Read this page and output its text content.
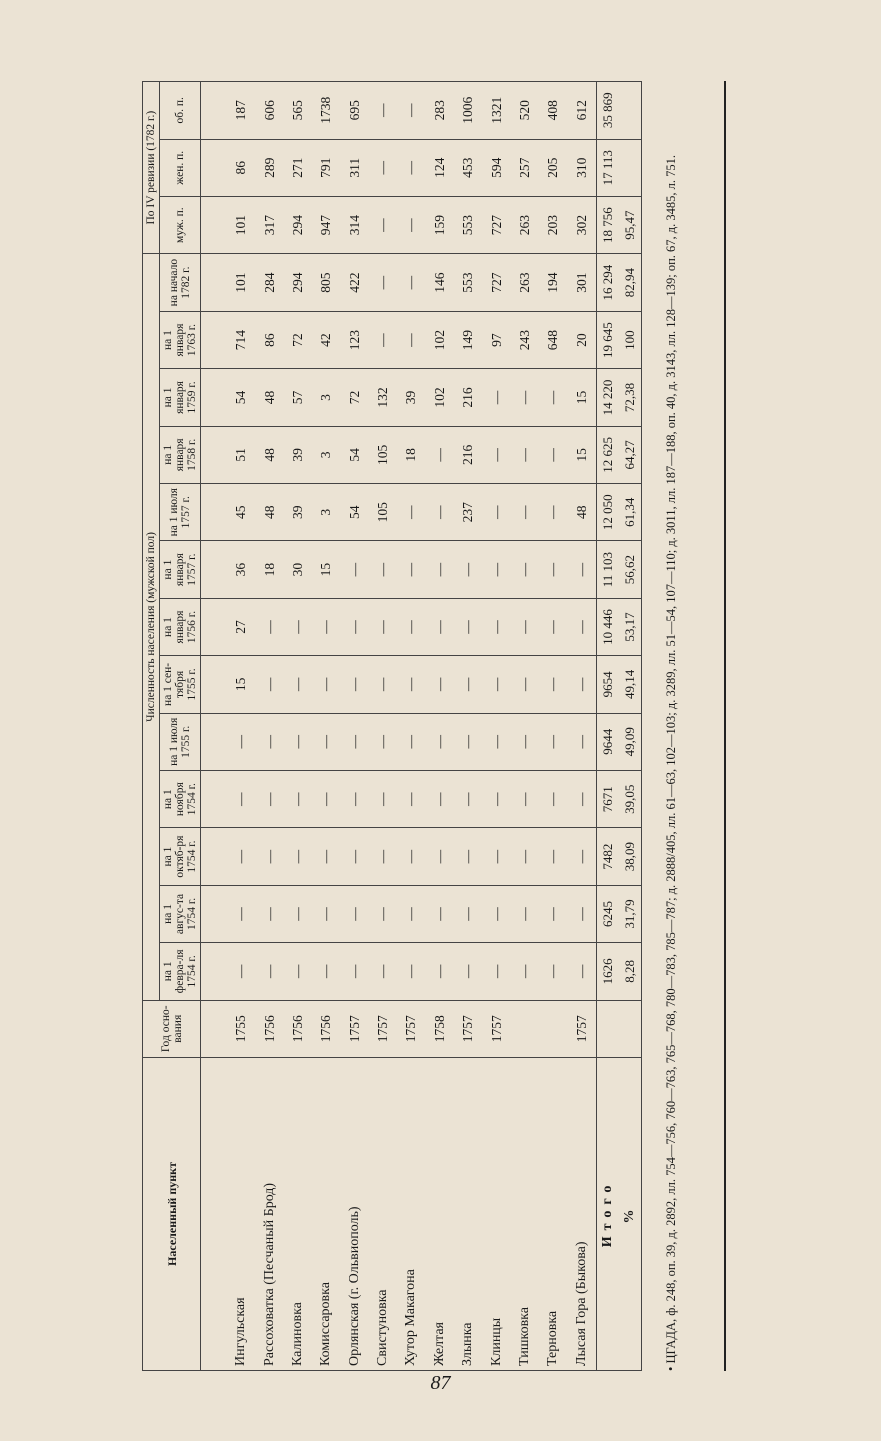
Населенный пункт	Год осно-вания	Численность населения (мужской пол)													По IV ревизии (1782 г.)		
		на 1 февра-ля 1754 г.	на 1 авгус-та 1754 г.	на 1 октяб-ря 1754 г.	на 1 ноября 1754 г.	на 1 июля 1755 г.	на 1 сен-тября 1755 г.	на 1 января 1756 г.	на 1 января 1757 г.	на 1 июля 1757 г.	на 1 января 1758 г.	на 1 января 1759 г.	на 1 января 1763 г.	на начало 1782 г.	муж. п.	жен. п.	об. п.

Ингульская	1755	—	—	—	—	—	15	27	36	45	51	54	714	101	101	86	187
Рассоховатка (Песчаный Брод)	1756	—	—	—	—	—	—	—	18	48	48	48	86	284	317	289	606
Калиновка	1756	—	—	—	—	—	—	—	30	39	39	57	72	294	294	271	565
Комиссаровка	1756	—	—	—	—	—	—	—	15	3	3	3	42	805	947	791	1738
Орлянская (г. Ольвиополь)	1757	—	—	—	—	—	—	—	—	54	54	72	123	422	314	311	695
Свистуновка	1757	—	—	—	—	—	—	—	—	105	105	132	—	—	—	—	—
Хутор Макагона	1757	—	—	—	—	—	—	—	—	—	18	39	—	—	—	—	—
Желтая	1758	—	—	—	—	—	—	—	—	—	—	102	102	146	159	124	283
Злынка	1757	—	—	—	—	—	—	—	—	237	216	216	149	553	553	453	1006
Клинцы	1757	—	—	—	—	—	—	—	—	—	—	—	97	727	727	594	1321
Тишковка		—	—	—	—	—	—	—	—	—	—	—	243	263	263	257	520
Терновка		—	—	—	—	—	—	—	—	—	—	—	648	194	203	205	408
Лысая Гора (Быкова)	1757	—	—	—	—	—	—	—	—	48	15	15	20	301	302	310	612
Итого		1626	6245	7482	7671	9644	9654	10 446	11 103	12 050	12 625	14 220	19 645	16 294	18 756	17 113	35 869
%		8,28	31,79	38,09	39,05	49,09	49,14	53,17	56,62	61,34	64,27	72,38	100	82,94	95,47		• ЦГАДА, ф. 248, оп. 39, д. 2892, лл. 754—756, 760—763, 765—768, 780—783, 785—787; д. 2888/405, лл. 61—63, 102—103; д. 3289, лл. 51—54, 107—110; д. 3011, лл. 187—188, оп. 40, д. 3143, лл. 128—139; оп. 67, д. 3485, л. 751.
87
